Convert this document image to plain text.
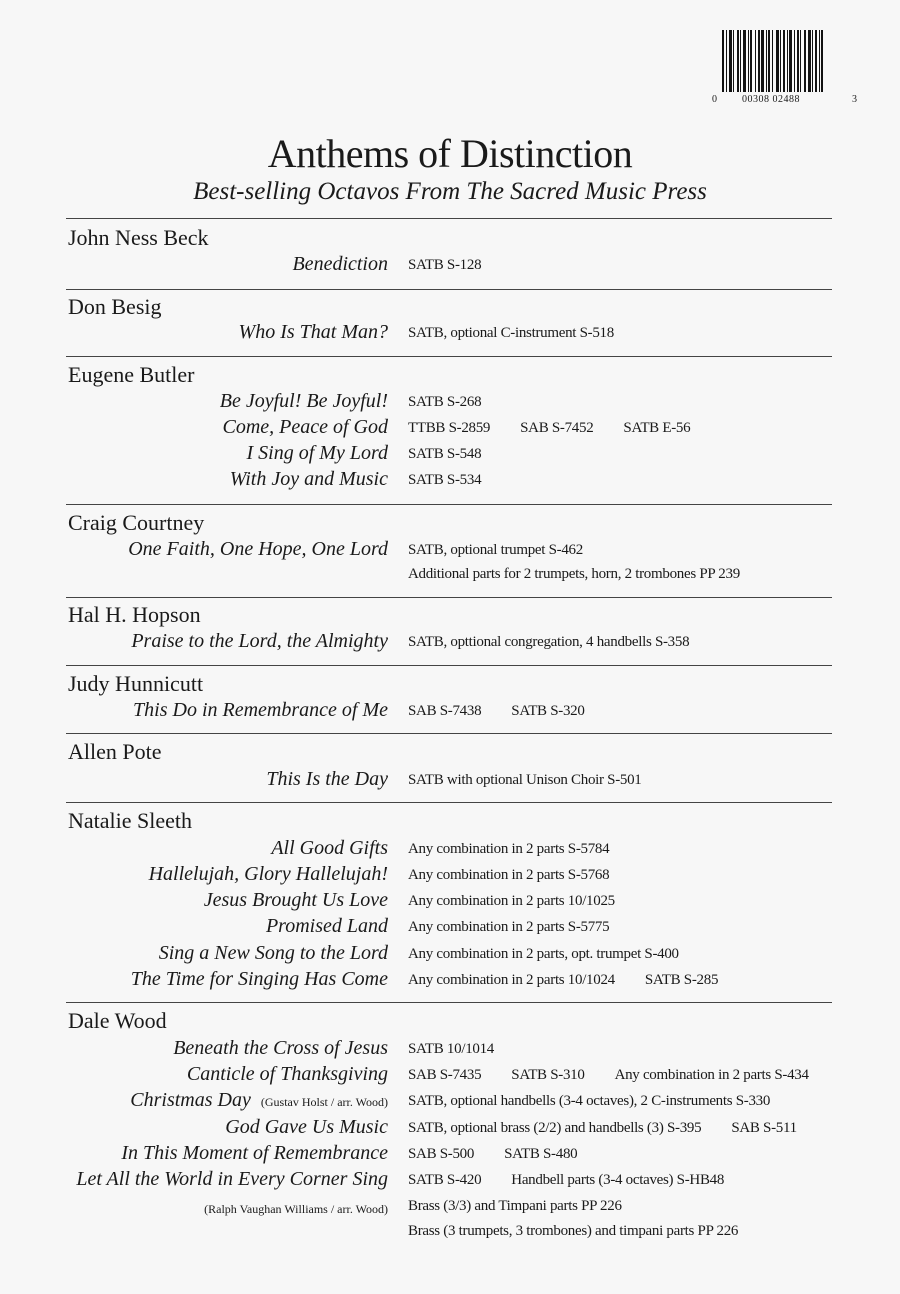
0 00308 02488	3
Anthems of Distinction
Best-selling Octavos From The Sacred Music Press
John Ness Beck
Benediction SATB S-128
Don Besig
Who Is That Man? SATB, optional C-instrument S-518
Eugene Butler
Be Joyful! Be Joyful! SATB S-268
Come, Peace of God TTBB S-2859 SAB S-7452 SATB E-56
I Sing of My Lord SATB S-548
With Joy and Music SATB S-534
Craig Courtney
One Faith, One Hope, One Lord SATB, optional trumpet S-462
Additional parts for 2 trumpets, horn, 2 trombones PP 239
Hal H. Hopson
Praise to the Lord, the Almighty SATB, opttional congregation, 4 handbells S-358
Judy Hunnicutt
This Do in Remembrance of Me SAB S-7438 SATB S-320
Allen Pote
This Is the Day SATB with optional Unison Choir S-501
Natalie Sleeth
All Good Gifts Any combination in 2 parts S-5784
Hallelujah, Glory Hallelujah! Any combination in 2 parts S-5768
Jesus Brought Us Love Any combination in 2 parts 10/1025
Promised Land Any combination in 2 parts S-5775
Sing a New Song to the Lord Any combination in 2 parts, opt. trumpet S-400
The Time for Singing Has Come Any combination in 2 parts 10/1024 SATB S-285
Dale Wood
Beneath the Cross of Jesus SATB 10/1014
Canticle of Thanksgiving SAB S-7435 SATB S-310 Any combination in 2 parts S-434
Christmas Day (Gustav Holst / arr. Wood) SATB, optional handbells (3-4 octaves), 2 C-instruments S-330
God Gave Us Music SATB, optional brass (2/2) and handbells (3) S-395 SAB S-511
In This Moment of Remembrance SAB S-500 SATB S-480
Let All the World in Every Corner Sing SATB S-420 Handbell parts (3-4 octaves) S-HB48
(Ralph Vaughan Williams / arr. Wood) Brass (3/3) and Timpani parts PP 226
Brass (3 trumpets, 3 trombones) and timpani parts PP 226
